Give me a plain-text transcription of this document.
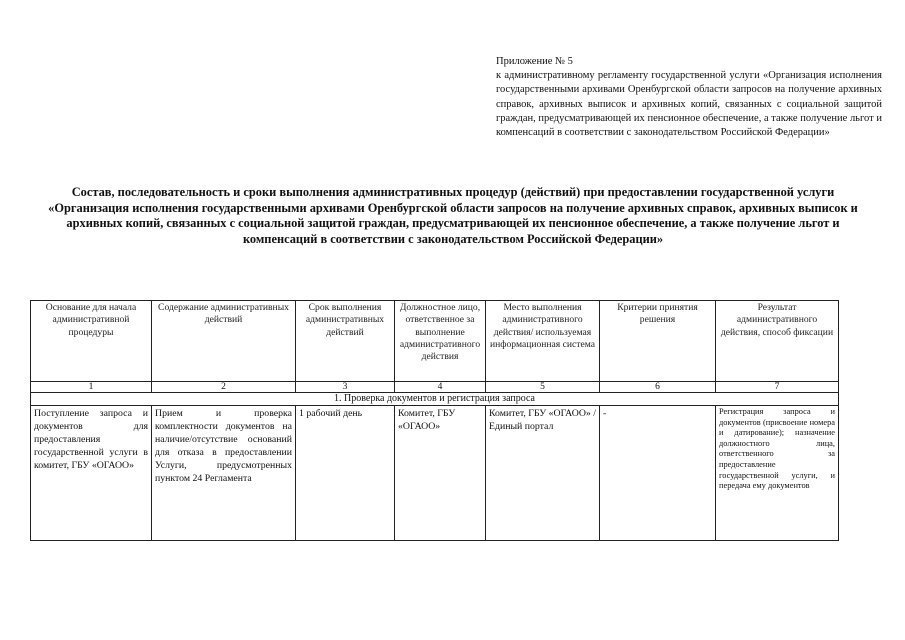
Приложение № 5
к административному регламенту государственной услуги «Организация исполнения государственными архивами Оренбургской области запросов на получение архивных справок, архивных выписок и архивных копий, связанных с социальной защитой граждан, предусматривающей их пенсионное обеспечение, а также получение льгот и компенсаций в соответствии с законодательством Российской Федерации»
Состав, последовательность и сроки выполнения административных процедур (действий) при предоставлении государственной услуги «Организация исполнения государственными архивами Оренбургской области запросов на получение архивных справок, архивных выписок и архивных копий, связанных с социальной защитой граждан, предусматривающей их пенсионное обеспечение, а также получение льгот и компенсаций в соответствии с законодательством Российской Федерации»
Основание для начала административной процедуры	Содержание административных действий	Срок выполнения административных действий	Должностное лицо, ответственное за выполнение административного действия	Место выполнения административного действия/ используемая информационная система	Критерии принятия решения	Результат административного действия, способ фиксации
1	2	3	4	5	6	7
1. Проверка документов и регистрация запроса						
Поступление запроса и документов для предоставления государственной услуги в комитет, ГБУ «ОГАОО»	Прием и проверка комплектности документов на наличие/отсутствие оснований для отказа в предоставлении Услуги, предусмотренных пунктом 24 Регламента	1 рабочий день	Комитет, ГБУ «ОГАОО»	Комитет, ГБУ «ОГАОО» / Единый портал	-	Регистрация запроса и документов (присвоение номера и датирование); назначение должностного лица, ответственного за предоставление государственной услуги, и передача ему документов
